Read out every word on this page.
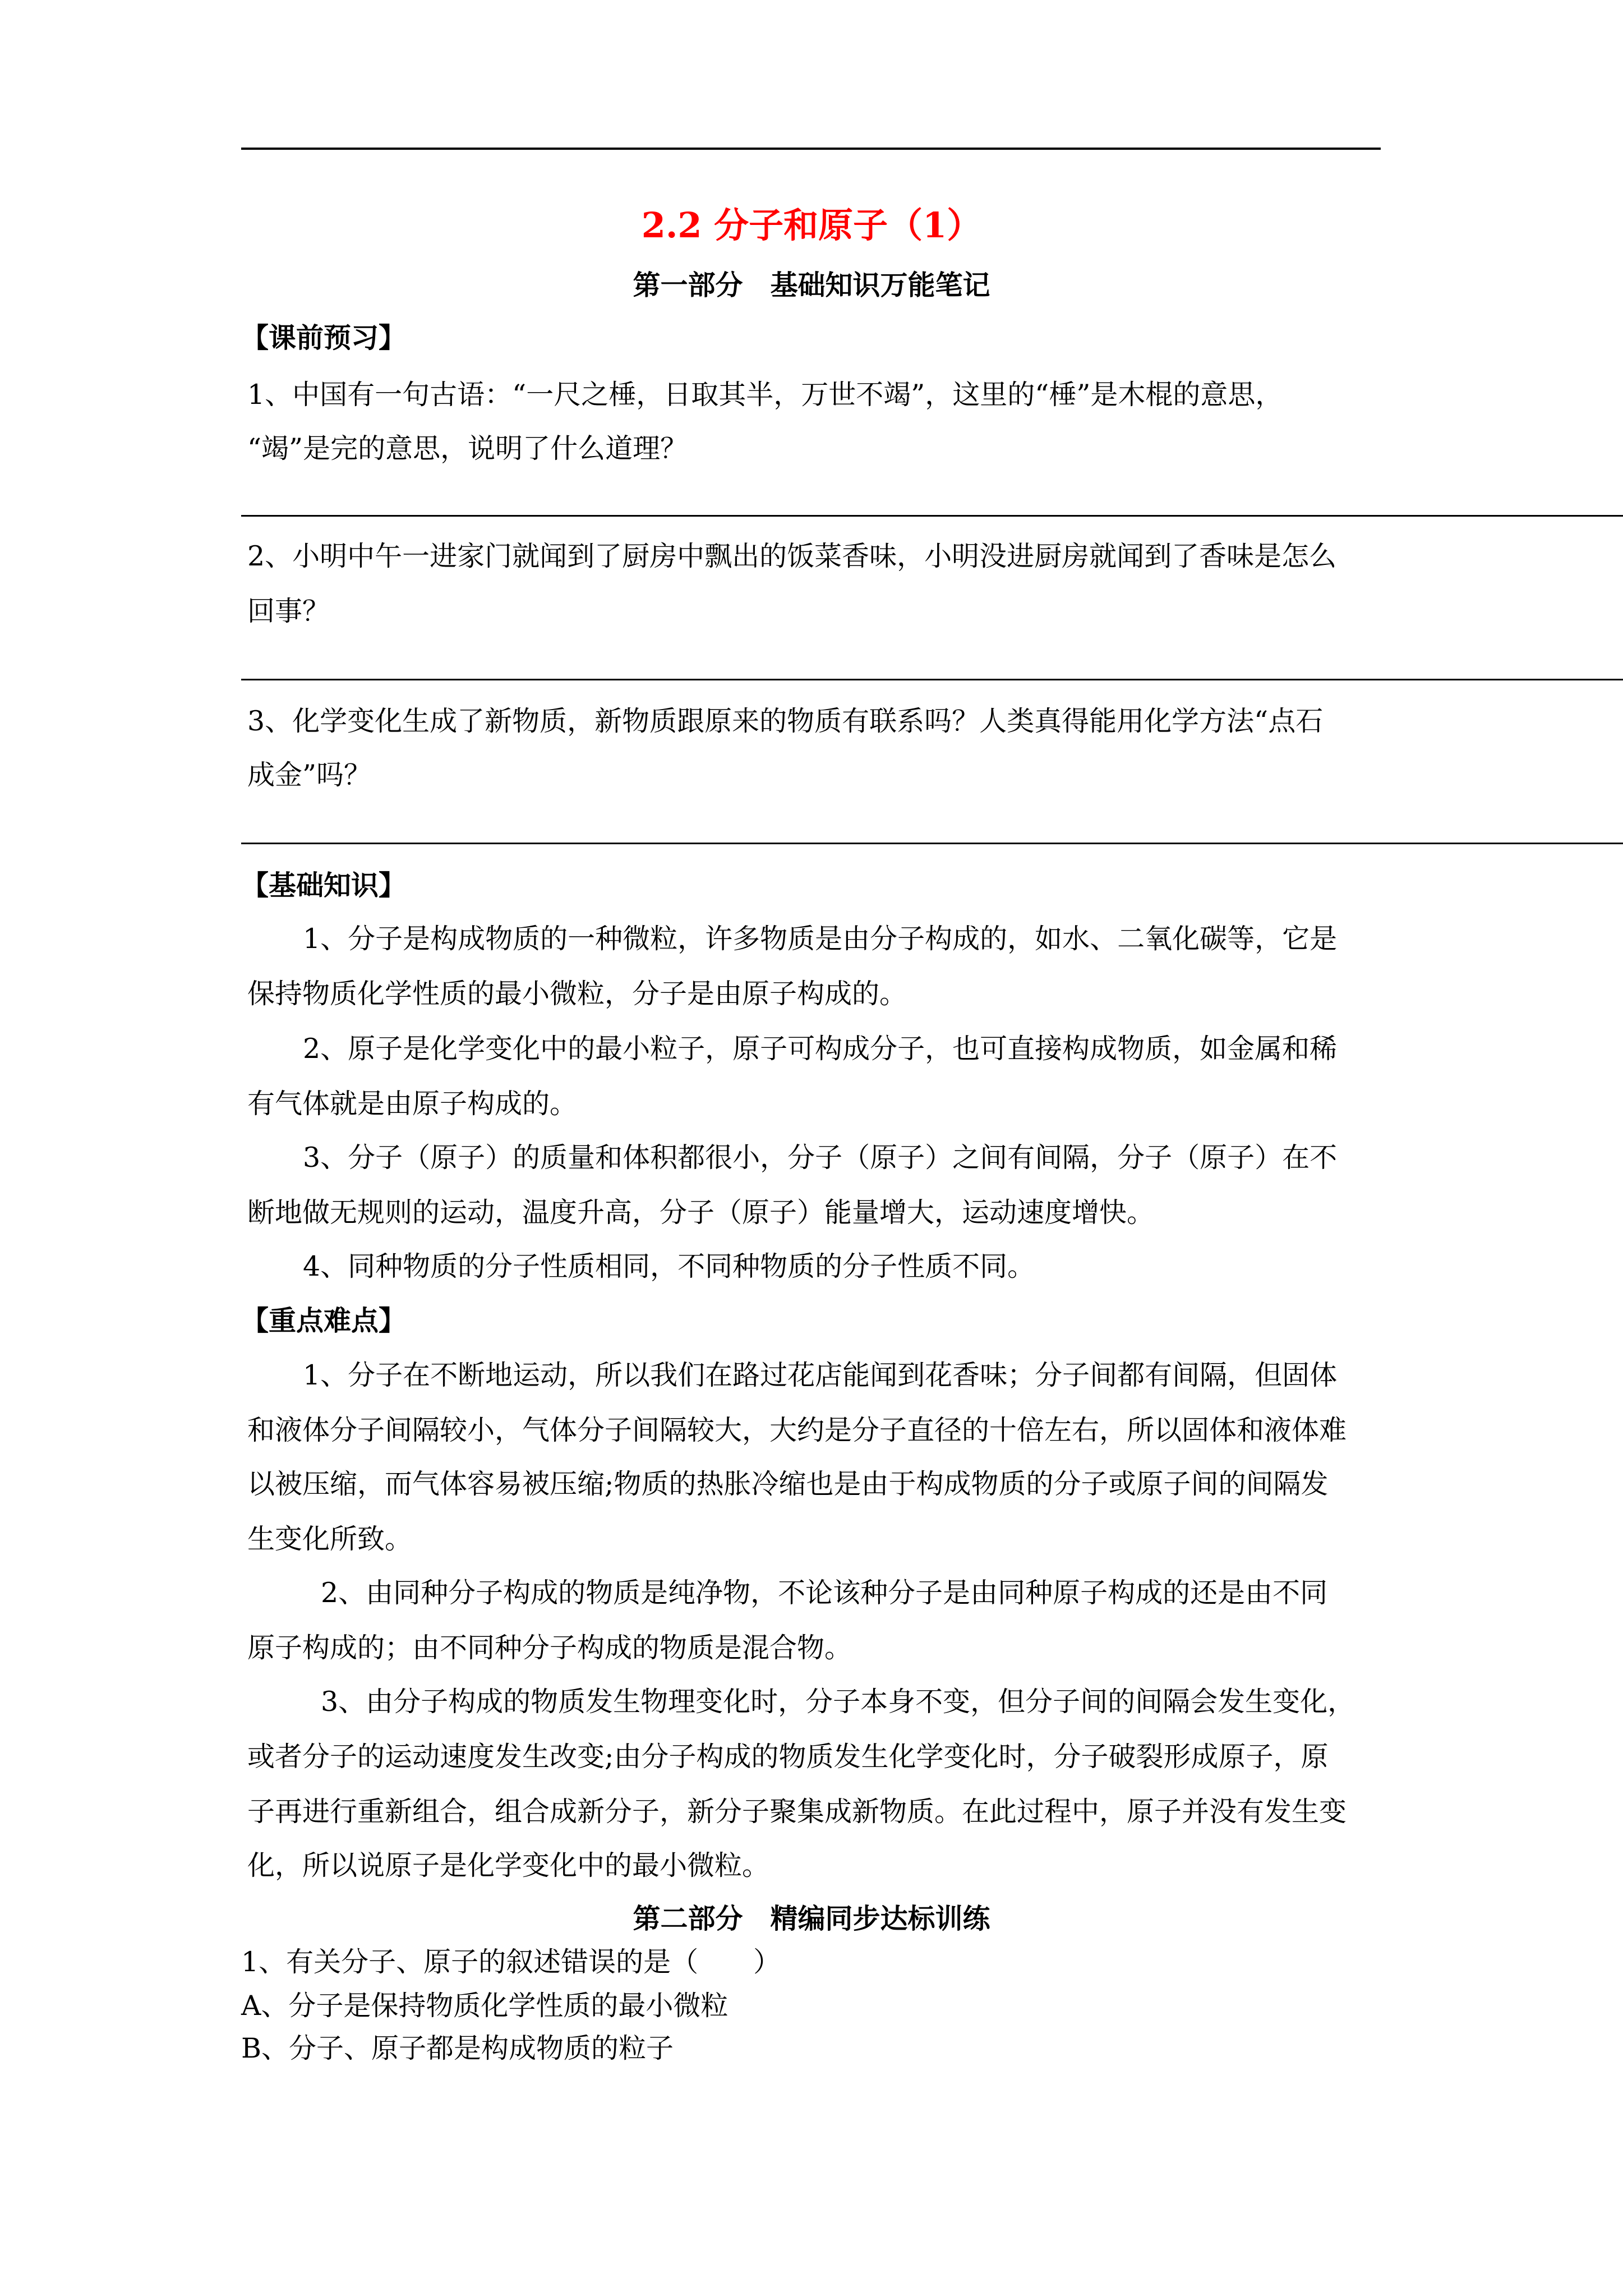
2.2 分子和原子（1）
第一部分　基础知识万能笔记
【课前预习】
1、中国有一句古语：“一尺之棰，日取其半，万世不竭”，这里的“棰”是木棍的意思，
“竭”是完的意思，说明了什么道理？
2、小明中午一进家门就闻到了厨房中飘出的饭菜香味，小明没进厨房就闻到了香味是怎么
回事？
3、化学变化生成了新物质，新物质跟原来的物质有联系吗？人类真得能用化学方法“点石
成金”吗？
【基础知识】
1、分子是构成物质的一种微粒，许多物质是由分子构成的，如水、二氧化碳等，它是
保持物质化学性质的最小微粒，分子是由原子构成的。
2、原子是化学变化中的最小粒子，原子可构成分子，也可直接构成物质，如金属和稀
有气体就是由原子构成的。
3、分子（原子）的质量和体积都很小，分子（原子）之间有间隔，分子（原子）在不
断地做无规则的运动，温度升高，分子（原子）能量增大，运动速度增快。
4、同种物质的分子性质相同，不同种物质的分子性质不同。
【重点难点】
1、分子在不断地运动，所以我们在路过花店能闻到花香味；分子间都有间隔，但固体
和液体分子间隔较小，气体分子间隔较大，大约是分子直径的十倍左右，所以固体和液体难
以被压缩，而气体容易被压缩;物质的热胀冷缩也是由于构成物质的分子或原子间的间隔发
生变化所致。
2、由同种分子构成的物质是纯净物，不论该种分子是由同种原子构成的还是由不同
原子构成的；由不同种分子构成的物质是混合物。
3、由分子构成的物质发生物理变化时，分子本身不变，但分子间的间隔会发生变化，
或者分子的运动速度发生改变;由分子构成的物质发生化学变化时，分子破裂形成原子，原
子再进行重新组合，组合成新分子，新分子聚集成新物质。在此过程中，原子并没有发生变
化，所以说原子是化学变化中的最小微粒。
第二部分　精编同步达标训练
1、有关分子、原子的叙述错误的是（　　）
A、分子是保持物质化学性质的最小微粒
B、分子、原子都是构成物质的粒子
